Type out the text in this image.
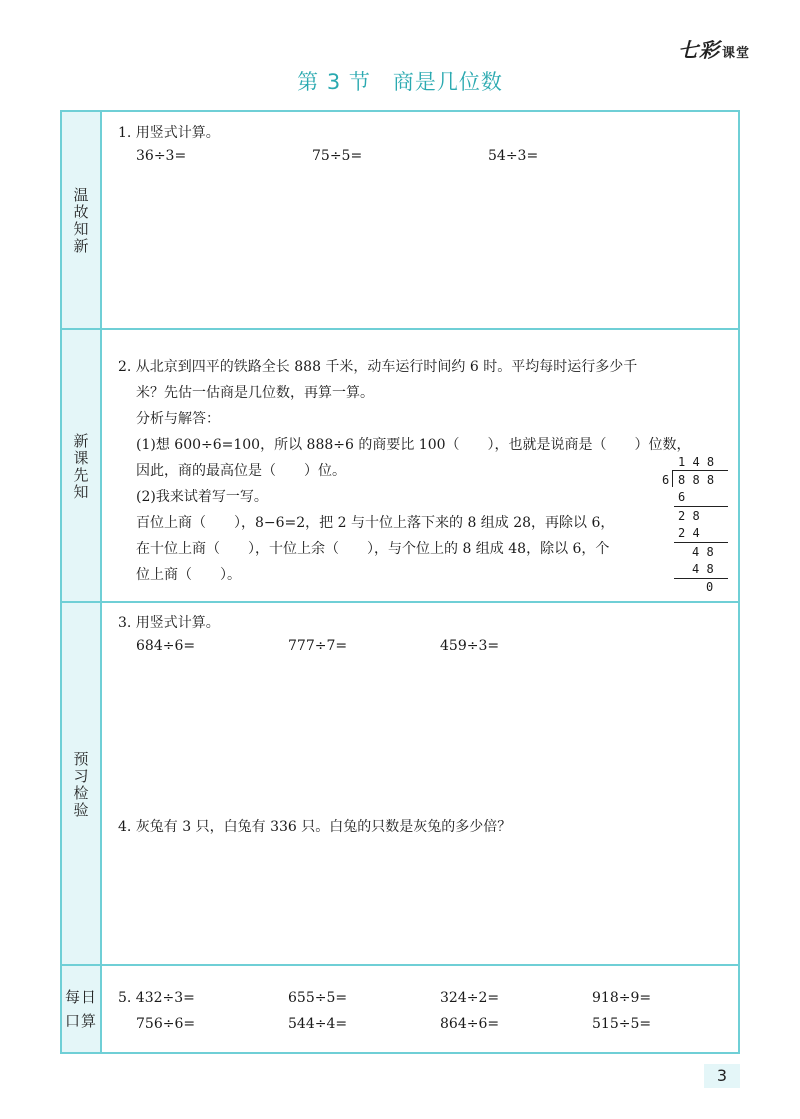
七彩 课堂
第 3 节 商是几位数
温故知新
新课先知
预习检验
每日口算
1. 用竖式计算。
36÷3=	75÷5=	54÷3=
2. 从北京到四平的铁路全长 888 千米，动车运行时间约 6 时。平均每时运行多少千
米？先估一估商是几位数，再算一算。
分析与解答：
(1)想 600÷6=100，所以 888÷6 的商要比 100（　　），也就是说商是（　　）位数，
因此，商的最高位是（　　）位。
(2)我来试着写一写。
百位上商（　　），8−6=2，把 2 与十位上落下来的 8 组成 28，再除以 6，
在十位上商（　　），十位上余（　　），与个位上的 8 组成 48，除以 6，个
位上商（　　）。
1 4 8
6 8 8 8
6
2 8
2 4
4 8
4 8
0
3. 用竖式计算。
684÷6=	777÷7=	459÷3=
4. 灰兔有 3 只，白兔有 336 只。白兔的只数是灰兔的多少倍？
5. 432÷3=	655÷5=	324÷2=	918÷9=
756÷6=	544÷4=	864÷6=	515÷5=
3
